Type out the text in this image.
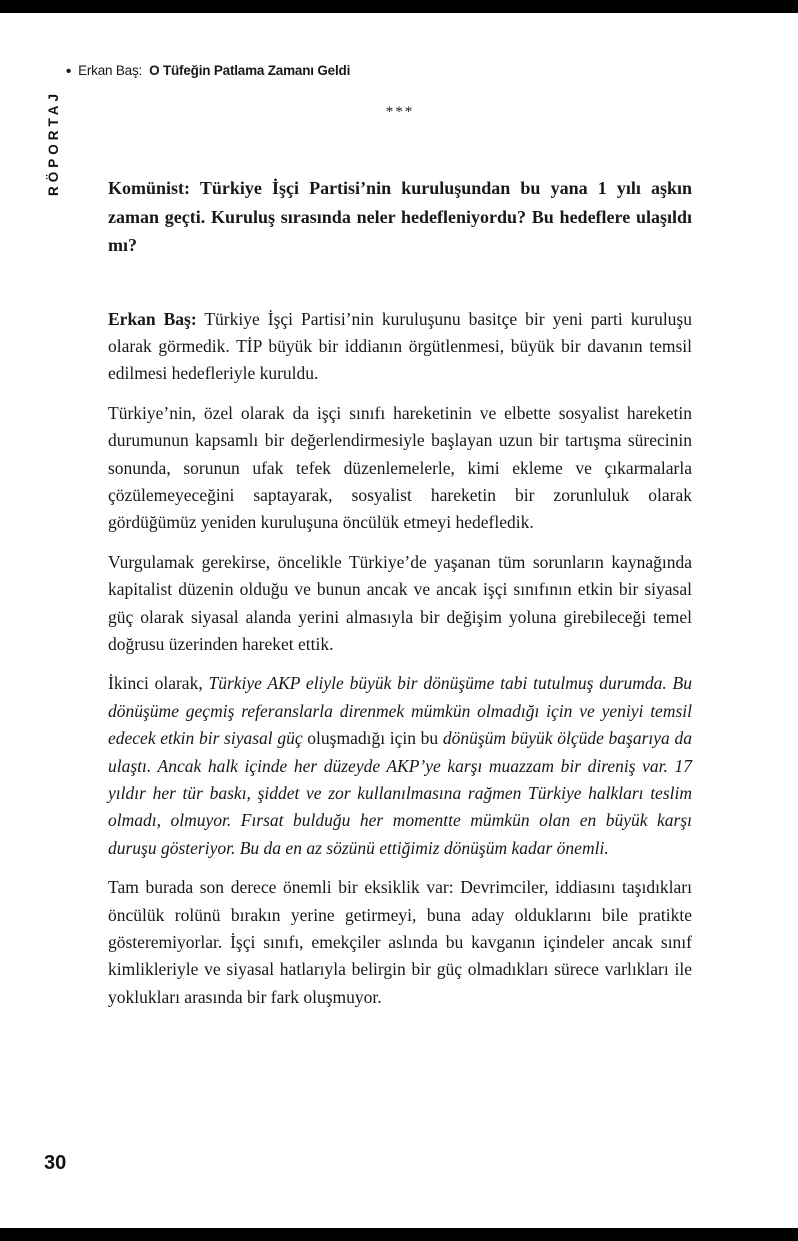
• Erkan Baş: O Tüfeğin Patlama Zamanı Geldi
RÖPORTAJ	***

Komünist: Türkiye İşçi Partisi’nin kuruluşundan bu yana 1 yılı aşkın zaman geçti. Kuruluş sırasında neler hedefleniyordu? Bu hedeflere ulaşıldı mı?

Erkan Baş: Türkiye İşçi Partisi’nin kuruluşunu basitçe bir yeni parti kuruluşu olarak görmedik. TİP büyük bir iddianın örgütlenmesi, büyük bir davanın temsil edilmesi hedefleriyle kuruldu.

Türkiye’nin, özel olarak da işçi sınıfı hareketinin ve elbette sosyalist hareketin durumunun kapsamlı bir değerlendirmesiyle başlayan uzun bir tartışma sürecinin sonunda, sorunun ufak tefek düzenlemelerle, kimi ekleme ve çıkarmalarla çözülemeyeceğini saptayarak, sosyalist hareketin bir zorunluluk olarak gördüğümüz yeniden kuruluşuna öncülük etmeyi hedefledik.

Vurgulamak gerekirse, öncelikle Türkiye’de yaşanan tüm sorunların kaynağında kapitalist düzenin olduğu ve bunun ancak ve ancak işçi sınıfının etkin bir siyasal güç olarak siyasal alanda yerini almasıyla bir değişim yoluna girebileceği temel doğrusu üzerinden hareket ettik.

İkinci olarak, Türkiye AKP eliyle büyük bir dönüşüme tabi tutulmuş durumda. Bu dönüşüme geçmiş referanslarla direnmek mümkün olmadığı için ve yeniyi temsil edecek etkin bir siyasal güç oluşmadığı için bu dönüşüm büyük ölçüde başarıya da ulaştı. Ancak halk içinde her düzeyde AKP’ye karşı muazzam bir direniş var. 17 yıldır her tür baskı, şiddet ve zor kullanılmasına rağmen Türkiye halkları teslim olmadı, olmuyor. Fırsat bulduğu her momentte mümkün olan en büyük karşı duruşu gösteriyor. Bu da en az sözünü ettiğimiz dönüşüm kadar önemli.

Tam burada son derece önemli bir eksiklik var: Devrimciler, iddiasını taşıdıkları öncülük rolünü bırakın yerine getirmeyi, buna aday olduklarını bile pratikte gösteremiyorlar. İşçi sınıfı, emekçiler aslında bu kavganın içindeler ancak sınıf kimlikleriyle ve siyasal hatlarıyla belirgin bir güç olmadıkları sürece varlıkları ile yoklukları arasında bir fark oluşmuyor.

30
